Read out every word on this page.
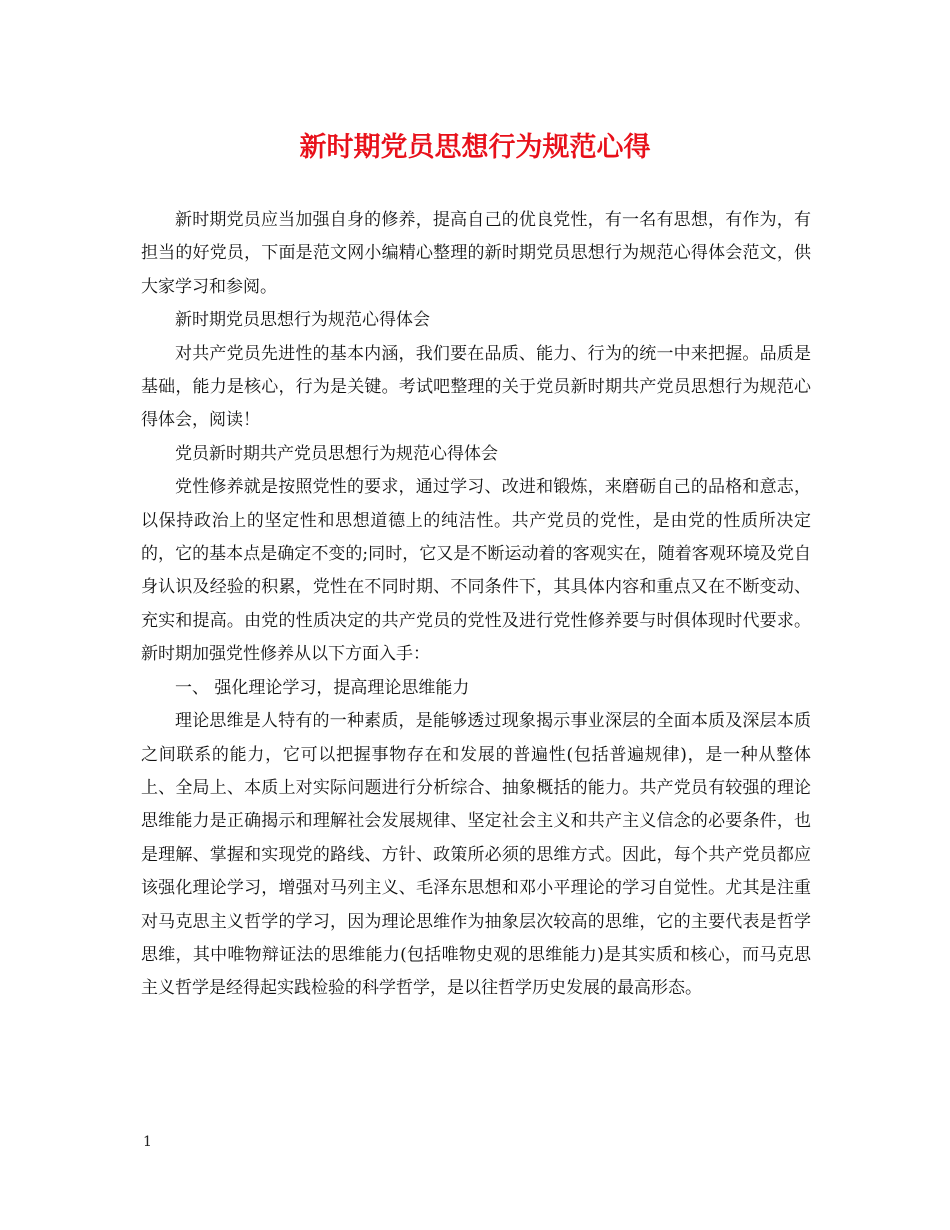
新时期党员思想行为规范心得

新时期党员应当加强自身的修养，提高自己的优良党性，有一名有思想，有作为，有担当的好党员，下面是范文网小编精心整理的新时期党员思想行为规范心得体会范文，供大家学习和参阅。

新时期党员思想行为规范心得体会

对共产党员先进性的基本内涵，我们要在品质、能力、行为的统一中来把握。品质是基础，能力是核心，行为是关键。考试吧整理的关于党员新时期共产党员思想行为规范心得体会，阅读！

党员新时期共产党员思想行为规范心得体会

党性修养就是按照党性的要求，通过学习、改进和锻炼，来磨砺自己的品格和意志，以保持政治上的坚定性和思想道德上的纯洁性。共产党员的党性，是由党的性质所决定的，它的基本点是确定不变的;同时，它又是不断运动着的客观实在，随着客观环境及党自身认识及经验的积累，党性在不同时期、不同条件下，其具体内容和重点又在不断变动、充实和提高。由党的性质决定的共产党员的党性及进行党性修养要与时俱体现时代要求。新时期加强党性修养从以下方面入手：

一、 强化理论学习，提高理论思维能力

理论思维是人特有的一种素质，是能够透过现象揭示事业深层的全面本质及深层本质之间联系的能力，它可以把握事物存在和发展的普遍性(包括普遍规律)，是一种从整体上、全局上、本质上对实际问题进行分析综合、抽象概括的能力。共产党员有较强的理论思维能力是正确揭示和理解社会发展规律、坚定社会主义和共产主义信念的必要条件，也是理解、掌握和实现党的路线、方针、政策所必须的思维方式。因此，每个共产党员都应该强化理论学习，增强对马列主义、毛泽东思想和邓小平理论的学习自觉性。尤其是注重对马克思主义哲学的学习，因为理论思维作为抽象层次较高的思维，它的主要代表是哲学思维，其中唯物辩证法的思维能力(包括唯物史观的思维能力)是其实质和核心，而马克思主义哲学是经得起实践检验的科学哲学，是以往哲学历史发展的最高形态。

1
